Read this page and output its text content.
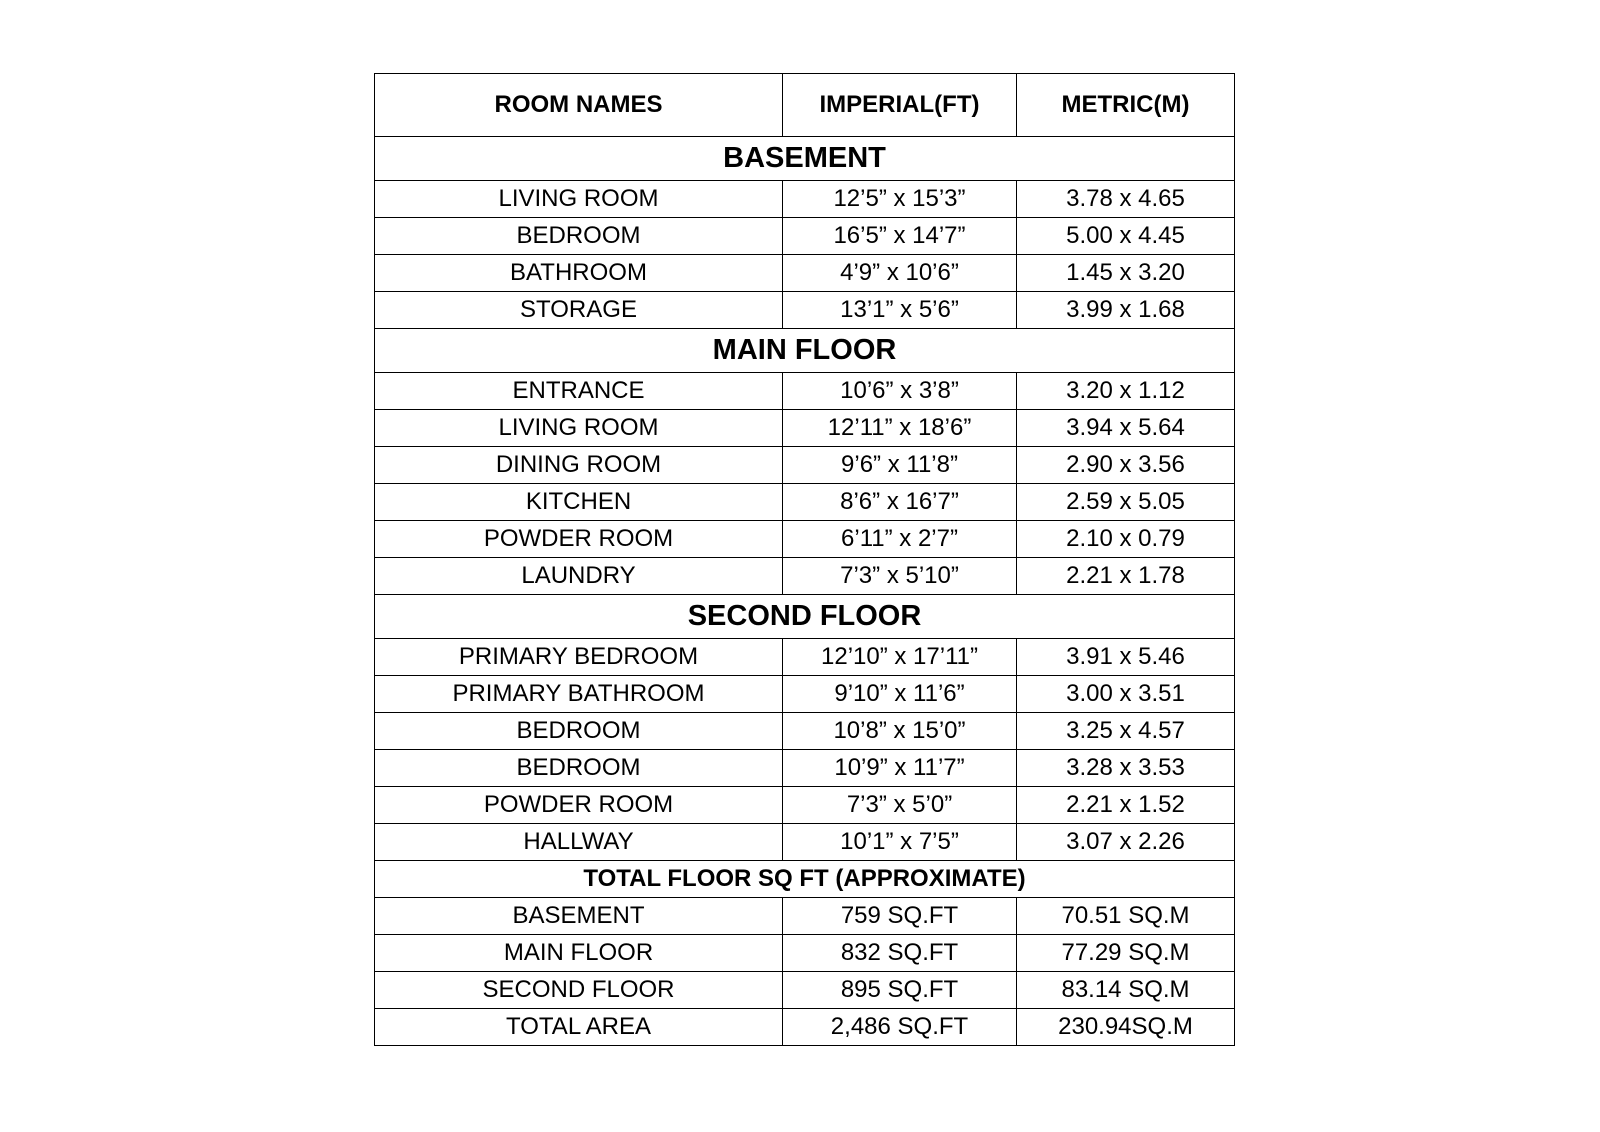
ROOM NAMES	IMPERIAL(FT)	METRIC(M)
BASEMENT		
LIVING ROOM	12’5” x 15’3”	3.78 x 4.65
BEDROOM	16’5” x 14’7”	5.00 x 4.45
BATHROOM	4’9” x 10’6”	1.45 x 3.20
STORAGE	13’1” x 5’6”	3.99 x 1.68
MAIN FLOOR		
ENTRANCE	10’6” x 3’8”	3.20 x 1.12
LIVING ROOM	12’11” x 18’6”	3.94 x 5.64
DINING ROOM	9’6” x 11’8”	2.90 x 3.56
KITCHEN	8’6” x 16’7”	2.59 x 5.05
POWDER ROOM	6’11” x 2’7”	2.10 x 0.79
LAUNDRY	7’3” x 5’10”	2.21 x 1.78
SECOND FLOOR		
PRIMARY BEDROOM	12’10” x 17’11”	3.91 x 5.46
PRIMARY BATHROOM	9’10” x 11’6”	3.00 x 3.51
BEDROOM	10’8” x 15’0”	3.25 x 4.57
BEDROOM	10’9” x 11’7”	3.28 x 3.53
POWDER ROOM	7’3” x 5’0”	2.21 x 1.52
HALLWAY	10’1” x 7’5”	3.07 x 2.26
TOTAL FLOOR SQ FT (APPROXIMATE)		
BASEMENT	759 SQ.FT	70.51 SQ.M
MAIN FLOOR	832 SQ.FT	77.29 SQ.M
SECOND FLOOR	895 SQ.FT	83.14 SQ.M
TOTAL AREA	2,486 SQ.FT	230.94SQ.M
